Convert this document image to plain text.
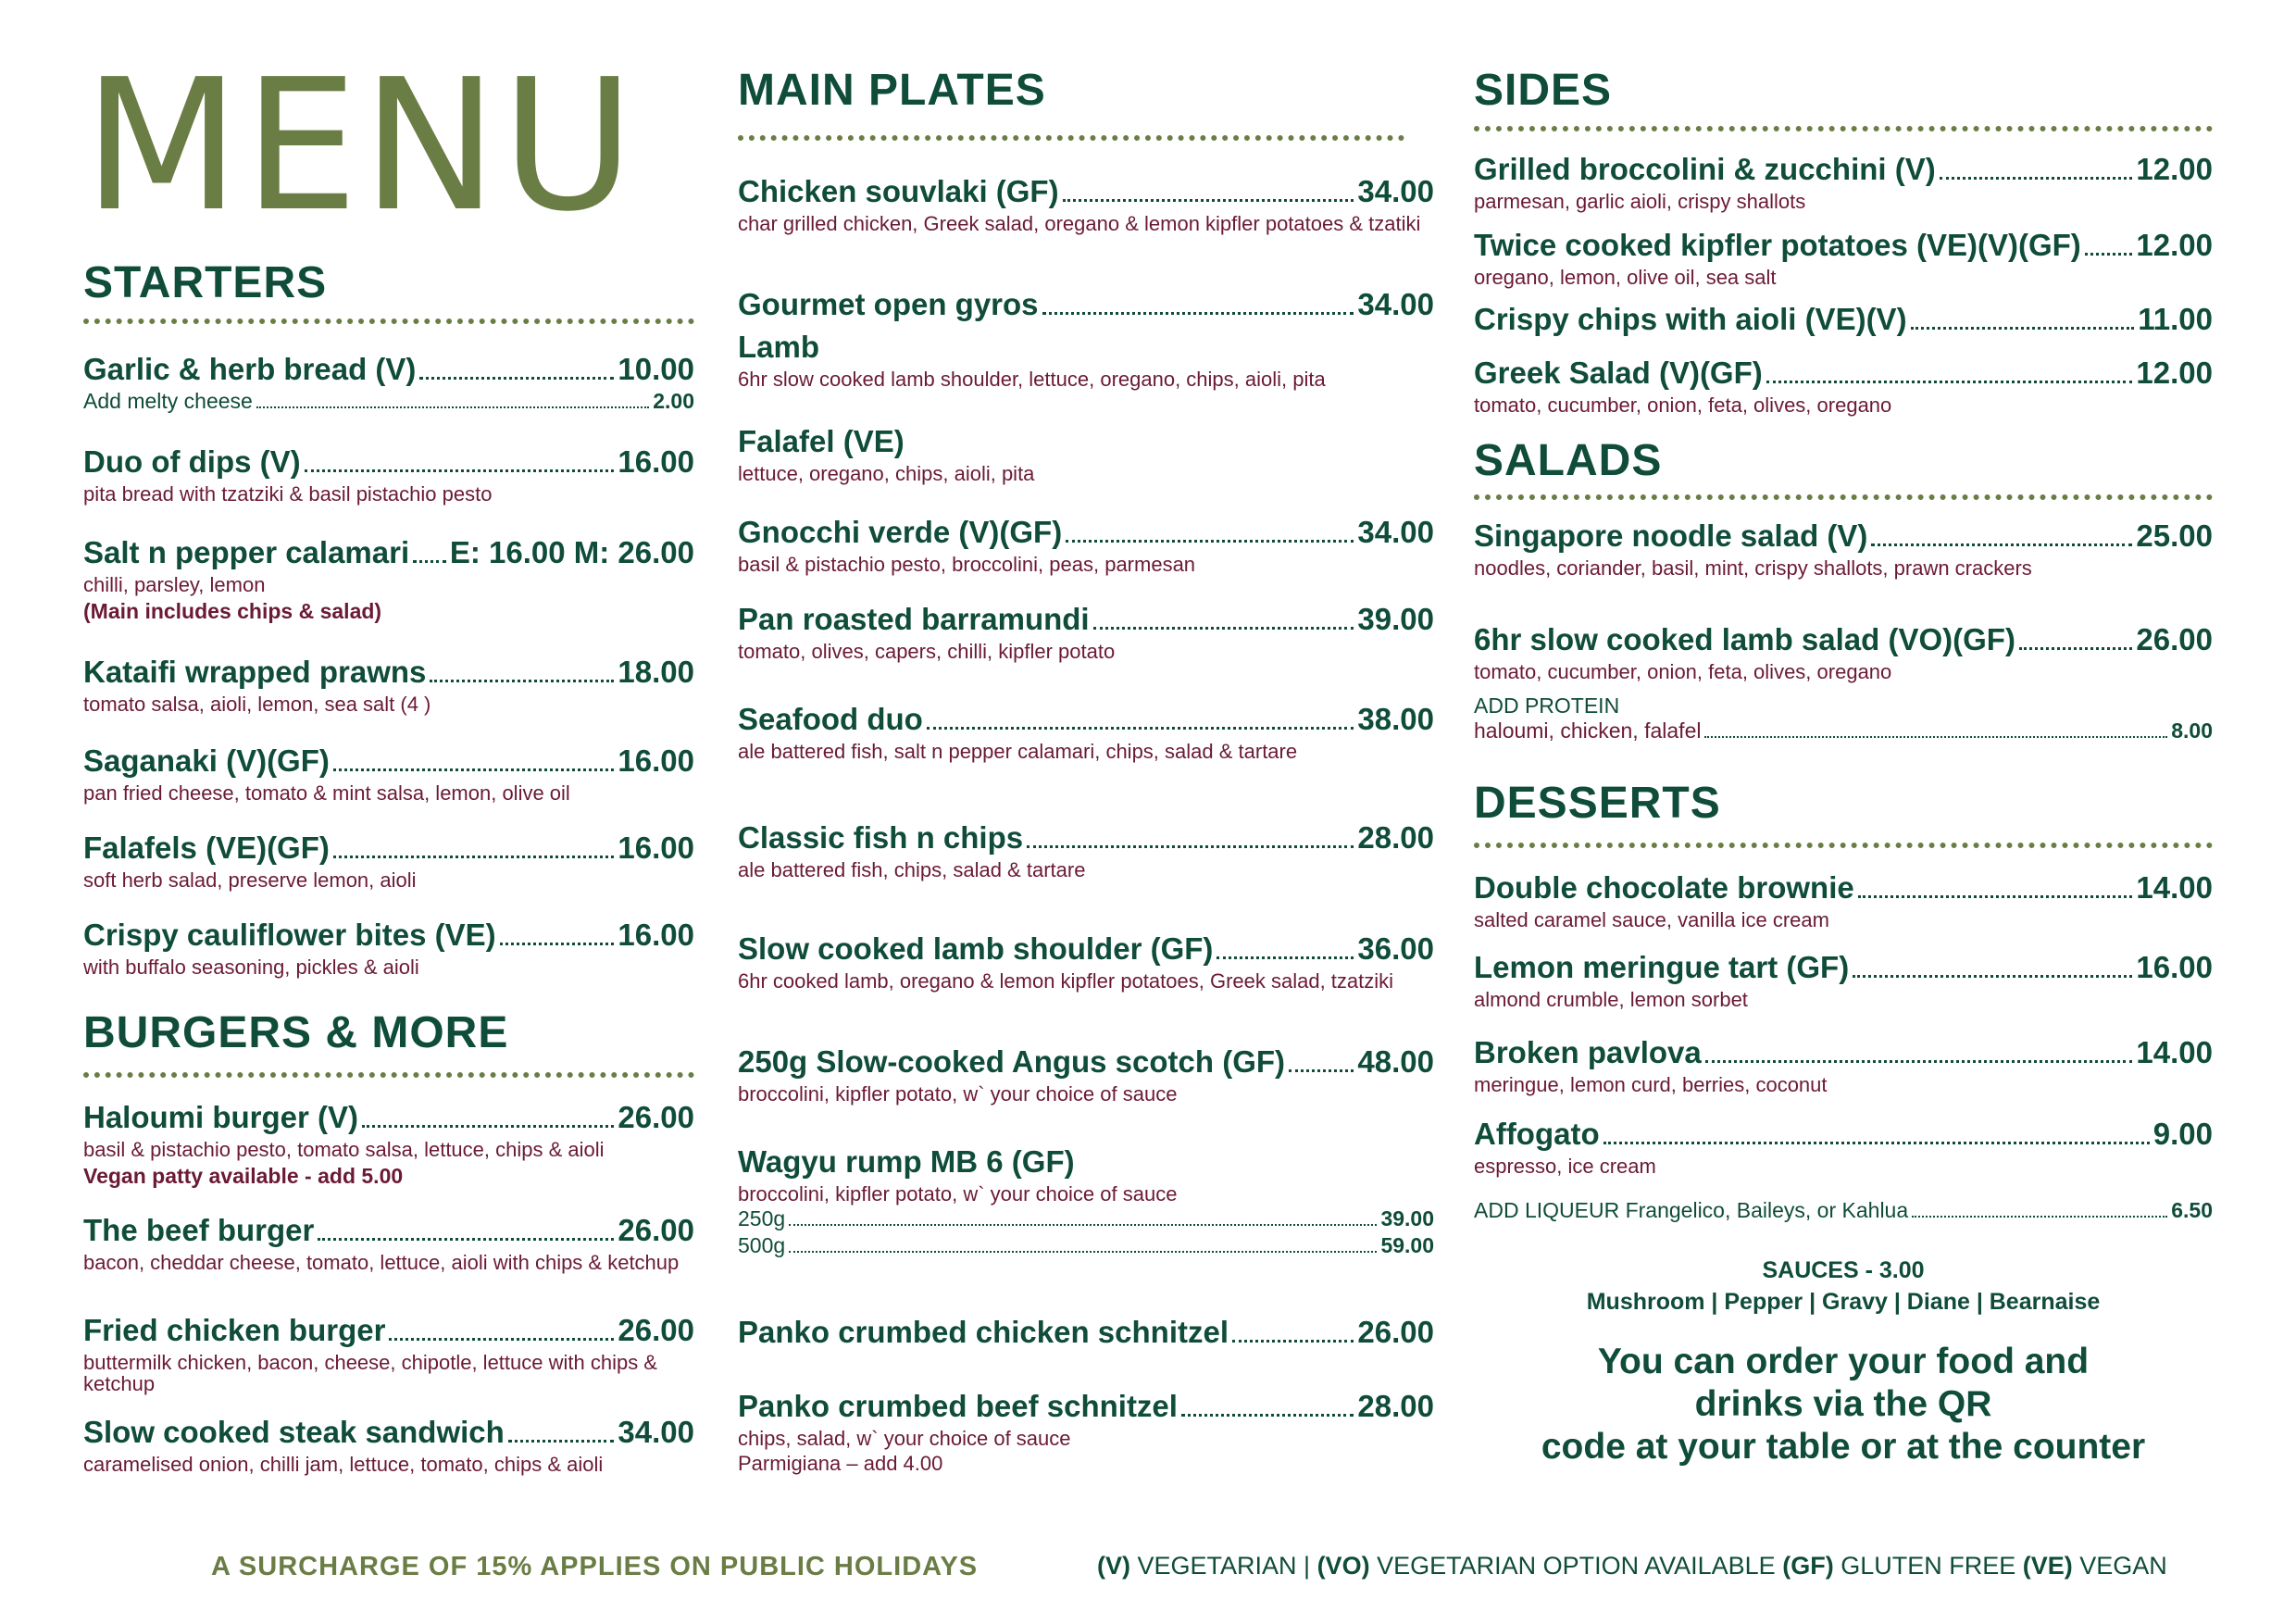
MENU
STARTERS
Garlic & herb bread (V)	10.00
Add melty cheese	2.00
Duo of dips (V)	16.00
pita bread with tzatziki & basil pistachio pesto
Salt n pepper calamari E: 16.00 M: 26.00
chilli, parsley, lemon
(Main includes chips & salad)
Kataifi wrapped prawns	18.00
tomato salsa, aioli, lemon, sea salt (4 )
Saganaki (V)(GF)	16.00
pan fried cheese, tomato & mint salsa, lemon, olive oil
Falafels (VE)(GF)	16.00
soft herb salad, preserve lemon, aioli
Crispy cauliflower bites (VE)	16.00
with buffalo seasoning, pickles & aioli
BURGERS & MORE
Haloumi burger (V)	26.00
basil & pistachio pesto, tomato salsa, lettuce, chips & aioli
Vegan patty available - add 5.00
The beef burger	26.00
bacon, cheddar cheese, tomato, lettuce, aioli with chips & ketchup
Fried chicken burger	26.00
buttermilk chicken, bacon, cheese, chipotle, lettuce with chips & ketchup
Slow cooked steak sandwich	34.00
caramelised onion, chilli jam, lettuce, tomato, chips & aioli
MAIN PLATES
Chicken souvlaki (GF)	34.00
char grilled chicken, Greek salad, oregano & lemon kipfler potatoes & tzatiki
Gourmet open gyros	34.00
Lamb
6hr slow cooked lamb shoulder, lettuce, oregano, chips, aioli, pita
Falafel (VE)
lettuce, oregano, chips, aioli, pita
Gnocchi verde (V)(GF)	34.00
basil & pistachio pesto, broccolini, peas, parmesan
Pan roasted barramundi	39.00
tomato, olives, capers, chilli, kipfler potato
Seafood duo	38.00
ale battered fish, salt n pepper calamari, chips, salad & tartare
Classic fish n chips	28.00
ale battered fish, chips, salad & tartare
Slow cooked lamb shoulder (GF)	36.00
6hr cooked lamb, oregano & lemon kipfler potatoes, Greek salad, tzatziki
250g Slow-cooked Angus scotch (GF) 48.00
broccolini, kipfler potato, w` your choice of sauce
Wagyu rump MB 6 (GF)
broccolini, kipfler potato, w` your choice of sauce
250g	39.00
500g	59.00
Panko crumbed chicken schnitzel	26.00
Panko crumbed beef schnitzel	28.00
chips, salad, w` your choice of sauce
Parmigiana – add 4.00
SIDES
Grilled broccolini & zucchini (V)	12.00
parmesan, garlic aioli, crispy shallots
Twice cooked kipfler potatoes (VE)(V)(GF) 12.00
oregano, lemon, olive oil, sea salt
Crispy chips with aioli (VE)(V)	11.00
Greek Salad (V)(GF)	12.00
tomato, cucumber, onion, feta, olives, oregano
SALADS
Singapore noodle salad (V)	25.00
noodles, coriander, basil, mint, crispy shallots, prawn crackers
6hr slow cooked lamb salad (VO)(GF)	26.00
tomato, cucumber, onion, feta, olives, oregano
ADD PROTEIN
haloumi, chicken, falafel	8.00
DESSERTS
Double chocolate brownie	14.00
salted caramel sauce, vanilla ice cream
Lemon meringue tart (GF)	16.00
almond crumble, lemon sorbet
Broken pavlova	14.00
meringue, lemon curd, berries, coconut
Affogato	9.00
espresso, ice cream
ADD LIQUEUR Frangelico, Baileys, or Kahlua	6.50
SAUCES - 3.00
Mushroom | Pepper | Gravy | Diane | Bearnaise
You can order your food and
drinks via the QR
code at your table or at the counter
A SURCHARGE OF 15% APPLIES ON PUBLIC HOLIDAYS	(V) VEGETARIAN | (VO) VEGETARIAN OPTION AVAILABLE (GF) GLUTEN FREE (VE) VEGAN
